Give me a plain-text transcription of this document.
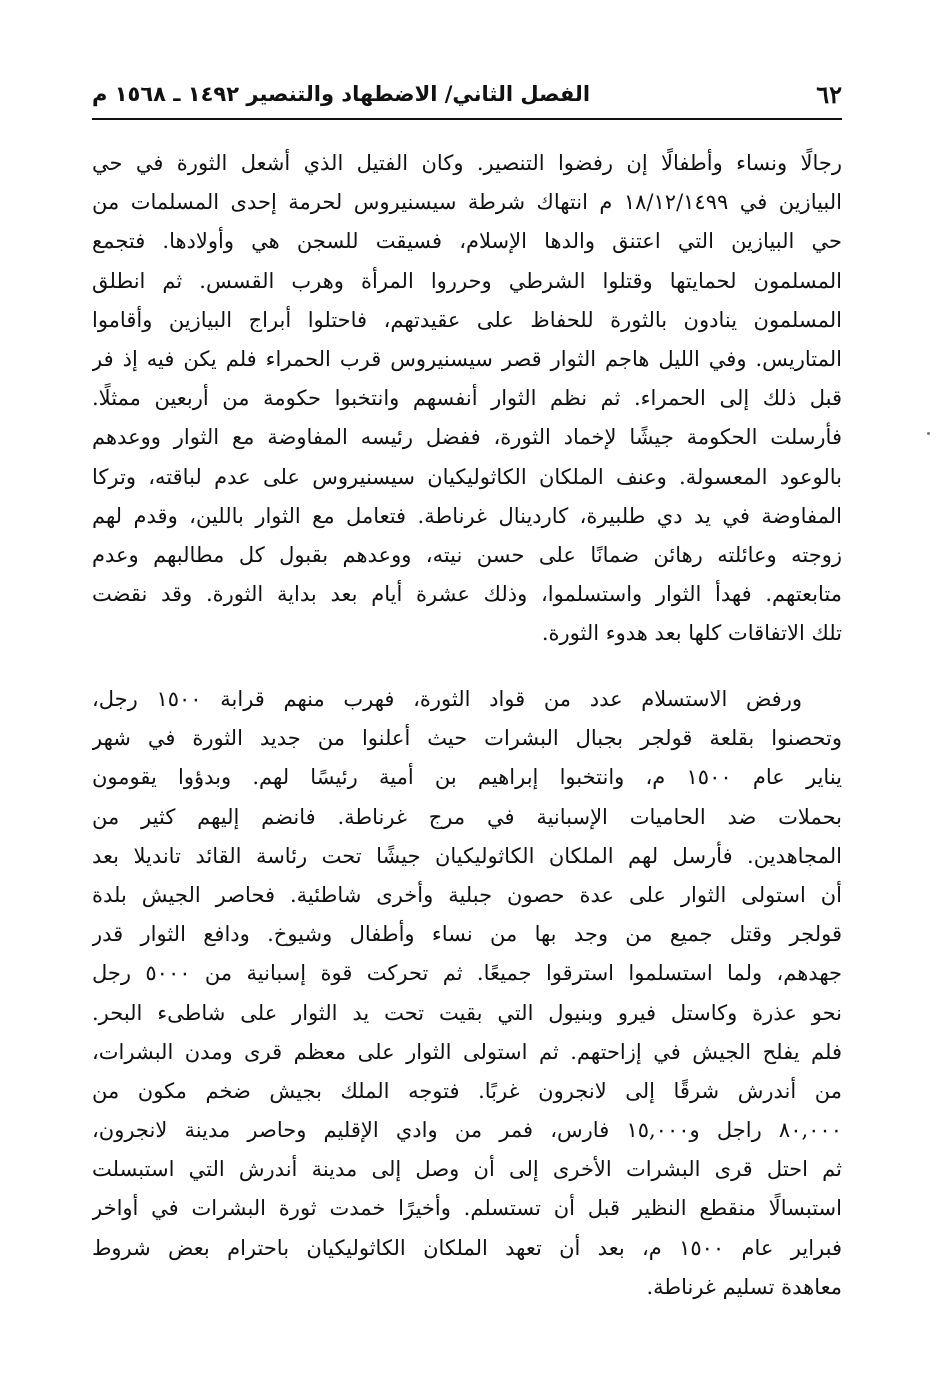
٦٢
الفصل الثاني/ الاضطهاد والتنصير ١٤٩٢ ـ ١٥٦٨ م
رجالًا ونساء وأطفالًا إن رفضوا التنصير. وكان الفتيل الذي أشعل الثورة في حي
البيازين في ١٨/١٢/١٤٩٩ م انتهاك شرطة سيسنيروس لحرمة إحدى المسلمات من
حي البيازين التي اعتنق والدها الإسلام، فسيقت للسجن هي وأولادها. فتجمع
المسلمون لحمايتها وقتلوا الشرطي وحرروا المرأة وهرب القسس. ثم انطلق
المسلمون ينادون بالثورة للحفاظ على عقيدتهم، فاحتلوا أبراج البيازين وأقاموا
المتاريس. وفي الليل هاجم الثوار قصر سيسنيروس قرب الحمراء فلم يكن فيه إذ فر
قبل ذلك إلى الحمراء. ثم نظم الثوار أنفسهم وانتخبوا حكومة من أربعين ممثلًا.
فأرسلت الحكومة جيشًا لإخماد الثورة، ففضل رئيسه المفاوضة مع الثوار ووعدهم
بالوعود المعسولة. وعنف الملكان الكاثوليكيان سيسنيروس على عدم لباقته، وتركا
المفاوضة في يد دي طلبيرة، كاردينال غرناطة. فتعامل مع الثوار باللين، وقدم لهم
زوجته وعائلته رهائن ضمانًا على حسن نيته، ووعدهم بقبول كل مطالبهم وعدم
متابعتهم. فهدأ الثوار واستسلموا، وذلك عشرة أيام بعد بداية الثورة. وقد نقضت
تلك الاتفاقات كلها بعد هدوء الثورة.
ورفض الاستسلام عدد من قواد الثورة، فهرب منهم قرابة ١٥٠٠ رجل،
وتحصنوا بقلعة قولجر بجبال البشرات حيث أعلنوا من جديد الثورة في شهر
يناير عام ١٥٠٠ م، وانتخبوا إبراهيم بن أمية رئيسًا لهم. وبدؤوا يقومون
بحملات ضد الحاميات الإسبانية في مرج غرناطة. فانضم إليهم كثير من
المجاهدين. فأرسل لهم الملكان الكاثوليكيان جيشًا تحت رئاسة القائد تانديلا بعد
أن استولى الثوار على عدة حصون جبلية وأخرى شاطئية. فحاصر الجيش بلدة
قولجر وقتل جميع من وجد بها من نساء وأطفال وشيوخ. ودافع الثوار قدر
جهدهم، ولما استسلموا استرقوا جميعًا. ثم تحركت قوة إسبانية من ٥٠٠٠ رجل
نحو عذرة وكاستل فيرو وبنيول التي بقيت تحت يد الثوار على شاطىء البحر.
فلم يفلح الجيش في إزاحتهم. ثم استولى الثوار على معظم قرى ومدن البشرات،
من أندرش شرقًا إلى لانجرون غربًا. فتوجه الملك بجيش ضخم مكون من
٨٠,٠٠٠ راجل و١٥,٠٠٠ فارس، فمر من وادي الإقليم وحاصر مدينة لانجرون،
ثم احتل قرى البشرات الأخرى إلى أن وصل إلى مدينة أندرش التي استبسلت
استبسالًا منقطع النظير قبل أن تستسلم. وأخيرًا خمدت ثورة البشرات في أواخر
فبراير عام ١٥٠٠ م، بعد أن تعهد الملكان الكاثوليكيان باحترام بعض شروط
معاهدة تسليم غرناطة.
